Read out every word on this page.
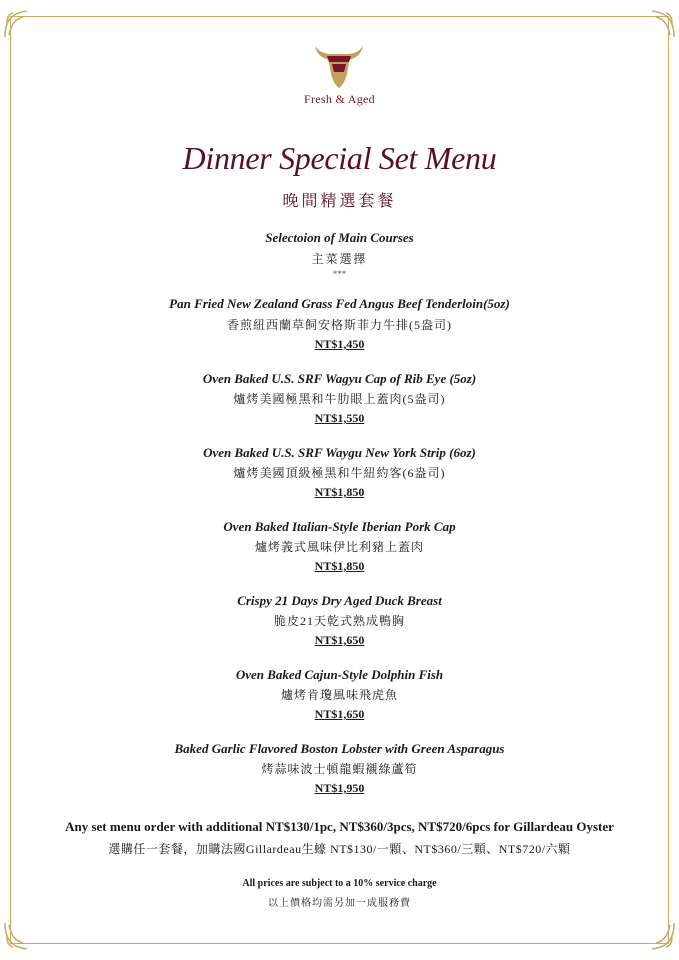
Fresh & Aged
Dinner Special Set Menu
晚間精選套餐
Selectoion of Main Courses
主菜選擇
***
Pan Fried New Zealand Grass Fed Angus Beef Tenderloin(5oz)
香煎紐西蘭草飼安格斯菲力牛排(5盎司)
NT$1,450
Oven Baked U.S. SRF Wagyu Cap of Rib Eye (5oz)
爐烤美國極黑和牛肋眼上蓋肉(5盎司)
NT$1,550
Oven Baked U.S. SRF Waygu New York Strip (6oz)
爐烤美國頂級極黑和牛紐約客(6盎司)
NT$1,850
Oven Baked Italian-Style Iberian Pork Cap
爐烤義式風味伊比利豬上蓋肉
NT$1,850
Crispy 21 Days Dry Aged Duck Breast
脆皮21天乾式熟成鴨胸
NT$1,650
Oven Baked Cajun-Style Dolphin Fish
爐烤肯瓊風味飛虎魚
NT$1,650
Baked Garlic Flavored Boston Lobster with Green Asparagus
烤蒜味波士頓龍蝦襯綠蘆筍
NT$1,950
Any set menu order with additional NT$130/1pc, NT$360/3pcs, NT$720/6pcs for Gillardeau Oyster
選購任一套餐，加購法國Gillardeau生蠔 NT$130/一顆、NT$360/三顆、NT$720/六顆
All prices are subject to a 10% service charge
以上價格均需另加一成服務費
